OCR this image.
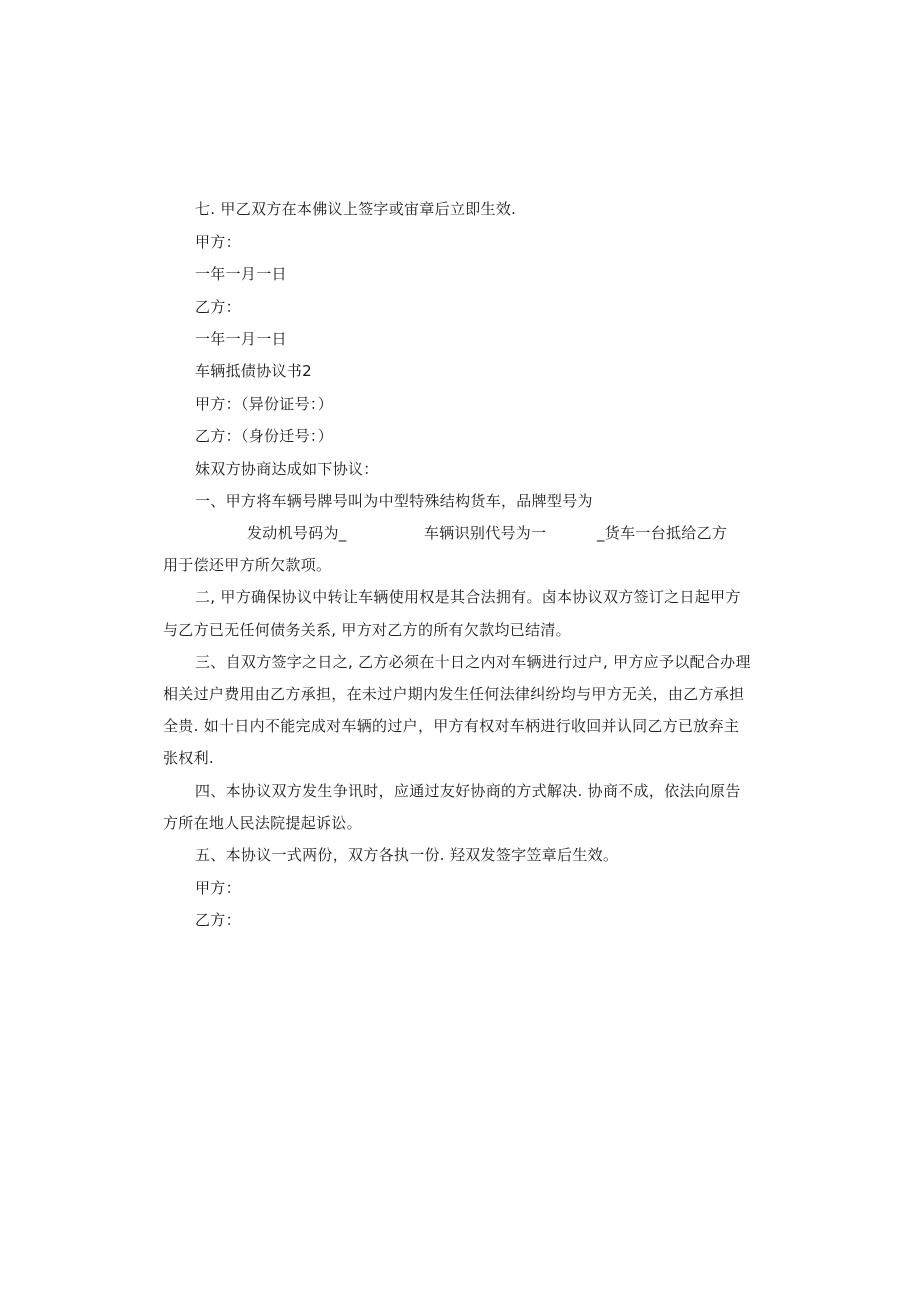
七. 甲乙双方在本佛议上签字或宙章后立即生效.
甲方：
一年一月一日
乙方：
一年一月一日
车辆抵债协议书2
甲方：（异份证号：）
乙方：（身份迁号：）
妹双方协商达成如下协议：
一、甲方将车辆号牌号叫为中型特殊结构货车，品牌型号为
发动机号码为_	车辆识别代号为一	_货车一台抵给乙方
用于偿还甲方所欠款项。
二, 甲方确保协议中转让车辆使用权是其合法拥有。卤本协议双方签订之日起甲方
与乙方已无任何债务关系, 甲方对乙方的所有欠款均已结清。
三、自双方签字之日之, 乙方必须在十日之内对车辆进行过户, 甲方应予以配合办理
相关过户费用由乙方承担，在未过户期内发生任何法律纠纷均与甲方无关，由乙方承担
全贵. 如十日内不能完成对车辆的过户，甲方有权对车柄进行收回并认同乙方已放弃主
张权利.
四、本协议双方发生争讯时，应通过友好协商的方式解决. 协商不成，依法向原告
方所在地人民法院提起诉讼。
五、本协议一式两份，双方各执一份. 羟双发签字笠章后生效。
甲方：
乙方：
